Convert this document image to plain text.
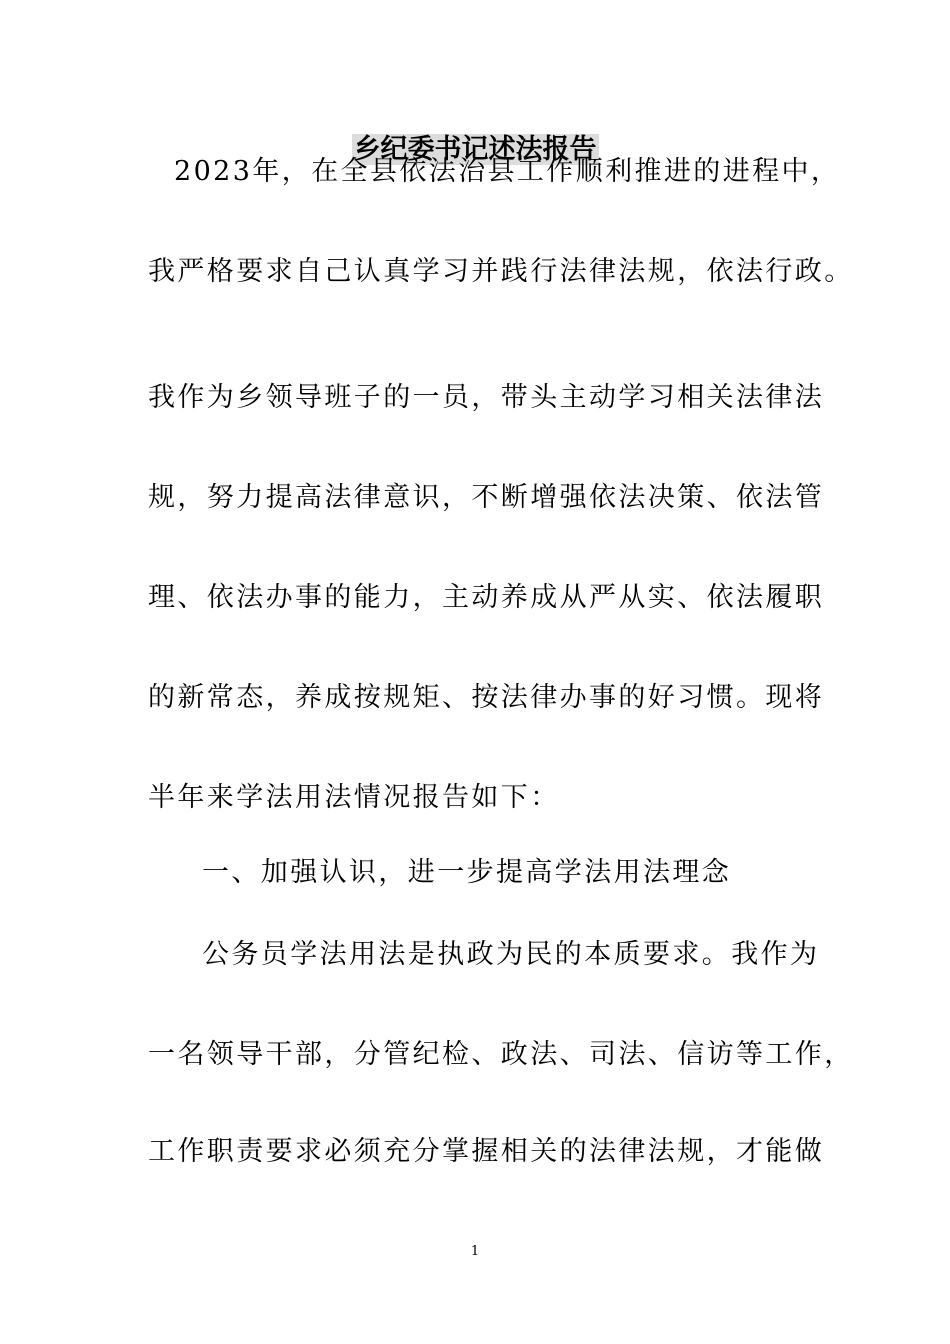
乡纪委书记述法报告
2023年，在全县依法治县工作顺利推进的进程中，
我严格要求自己认真学习并践行法律法规，依法行政。
我作为乡领导班子的一员，带头主动学习相关法律法
规，努力提高法律意识，不断增强依法决策、依法管
理、依法办事的能力，主动养成从严从实、依法履职
的新常态，养成按规矩、按法律办事的好习惯。现将
半年来学法用法情况报告如下：
一、加强认识，进一步提高学法用法理念
公务员学法用法是执政为民的本质要求。我作为
一名领导干部，分管纪检、政法、司法、信访等工作，
工作职责要求必须充分掌握相关的法律法规，才能做
1
